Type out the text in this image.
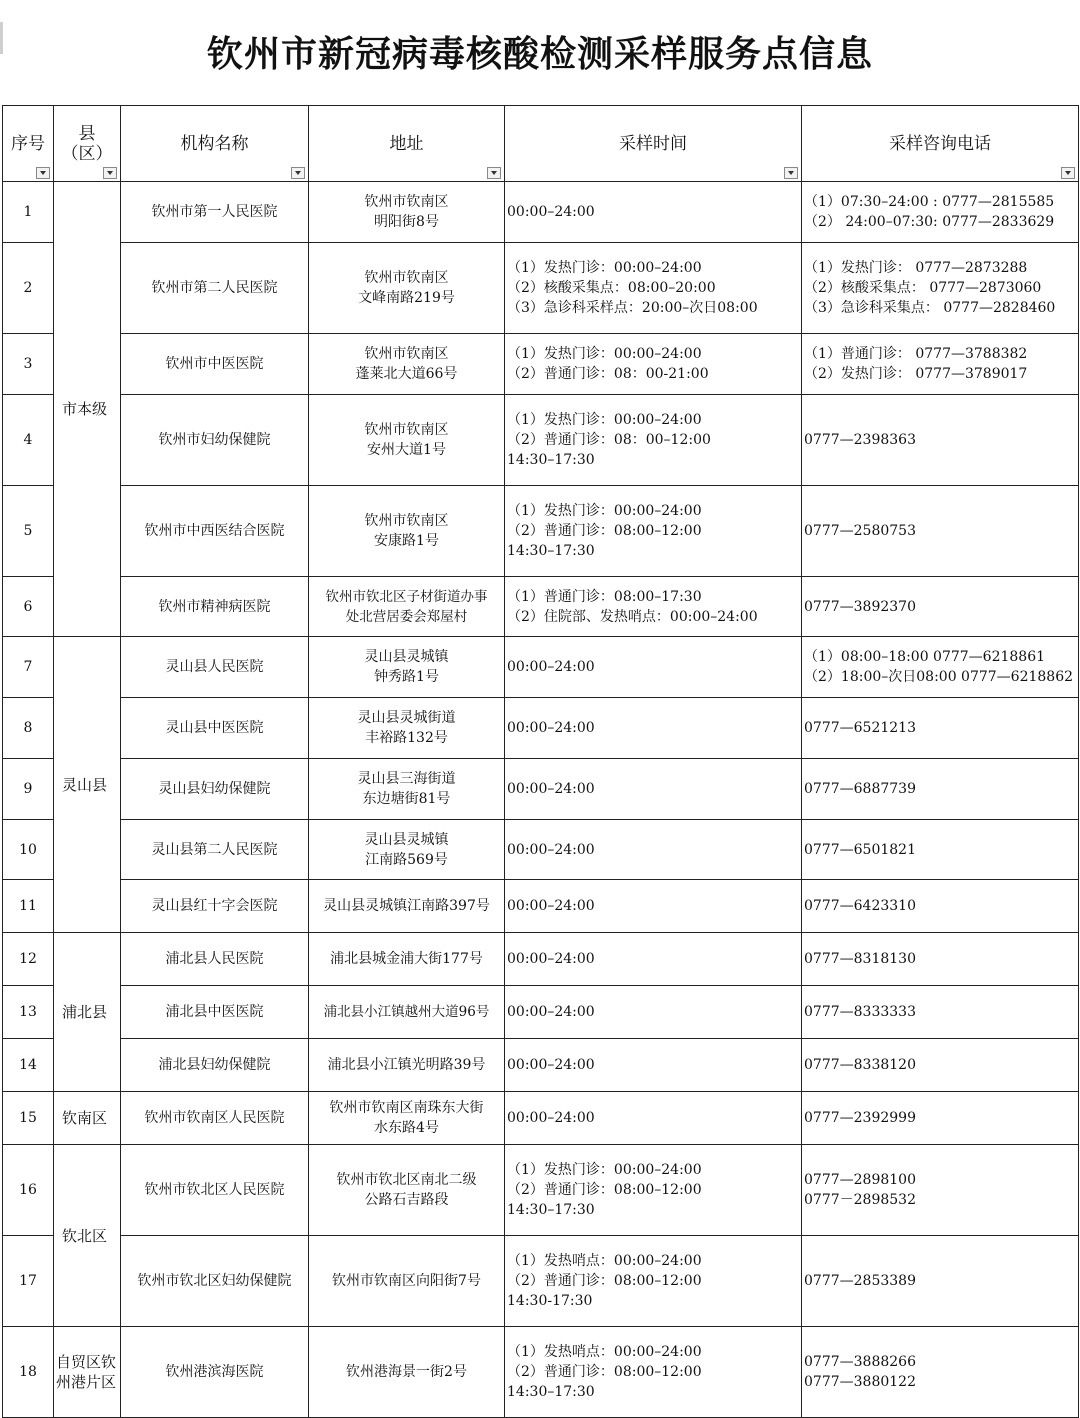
钦州市新冠病毒核酸检测采样服务点信息
序号	县
（区）	机构名称	地址	采样时间	采样咨询电话

1	市本级	钦州市第一人民医院	钦州市钦南区
明阳街8号	00:00–24:00	（1）07:30–24:00 : 0777—2815585
（2） 24:00–07:30: 0777—2833629
2		钦州市第二人民医院	钦州市钦南区
文峰南路219号	（1）发热门诊：00:00–24:00
（2）核酸采集点：08:00–20:00
（3）急诊科采样点：20:00–次日08:00	（1）发热门诊： 0777—2873288
（2）核酸采集点： 0777—2873060
（3）急诊科采集点： 0777—2828460
3		钦州市中医医院	钦州市钦南区
蓬莱北大道66号	（1）发热门诊：00:00–24:00
（2）普通门诊：08：00-21:00	（1）普通门诊： 0777—3788382
（2）发热门诊： 0777—3789017
4		钦州市妇幼保健院	钦州市钦南区
安州大道1号	（1）发热门诊：00:00–24:00
（2）普通门诊：08：00–12:00
14:30–17:30	0777—2398363
5		钦州市中西医结合医院	钦州市钦南区
安康路1号	（1）发热门诊：00:00–24:00
（2）普通门诊：08:00–12:00
14:30–17:30	0777—2580753
6		钦州市精神病医院	钦州市钦北区子材街道办事
处北营居委会郑屋村	（1）普通门诊：08:00–17:30
（2）住院部、发热哨点：00:00–24:00	0777—3892370
7	灵山县	灵山县人民医院	灵山县灵城镇
钟秀路1号	00:00–24:00	（1）08:00–18:00 0777—6218861
（2）18:00–次日08:00 0777—6218862
8		灵山县中医医院	灵山县灵城街道
丰裕路132号	00:00–24:00	0777—6521213
9		灵山县妇幼保健院	灵山县三海街道
东边塘街81号	00:00–24:00	0777—6887739
10		灵山县第二人民医院	灵山县灵城镇
江南路569号	00:00–24:00	0777—6501821
11		灵山县红十字会医院	灵山县灵城镇江南路397号	00:00–24:00	0777—6423310
12	浦北县	浦北县人民医院	浦北县城金浦大街177号	00:00–24:00	0777—8318130
13		浦北县中医医院	浦北县小江镇越州大道96号	00:00–24:00	0777—8333333
14		浦北县妇幼保健院	浦北县小江镇光明路39号	00:00–24:00	0777—8338120
15	钦南区	钦州市钦南区人民医院	钦州市钦南区南珠东大街
水东路4号	00:00–24:00	0777—2392999
16	钦北区	钦州市钦北区人民医院	钦州市钦北区南北二级
公路石吉路段	（1）发热门诊：00:00–24:00
（2）普通门诊：08:00–12:00
14:30–17:30	0777—2898100
0777－2898532
17		钦州市钦北区妇幼保健院	钦州市钦南区向阳街7号	（1）发热哨点：00:00–24:00
（2）普通门诊：08:00–12:00
14:30-17:30	0777—2853389
18	自贸区钦
州港片区	钦州港滨海医院	钦州港海景一街2号	（1）发热哨点：00:00–24:00
（2）普通门诊：08:00–12:00
14:30–17:30	0777—3888266
0777—3880122
